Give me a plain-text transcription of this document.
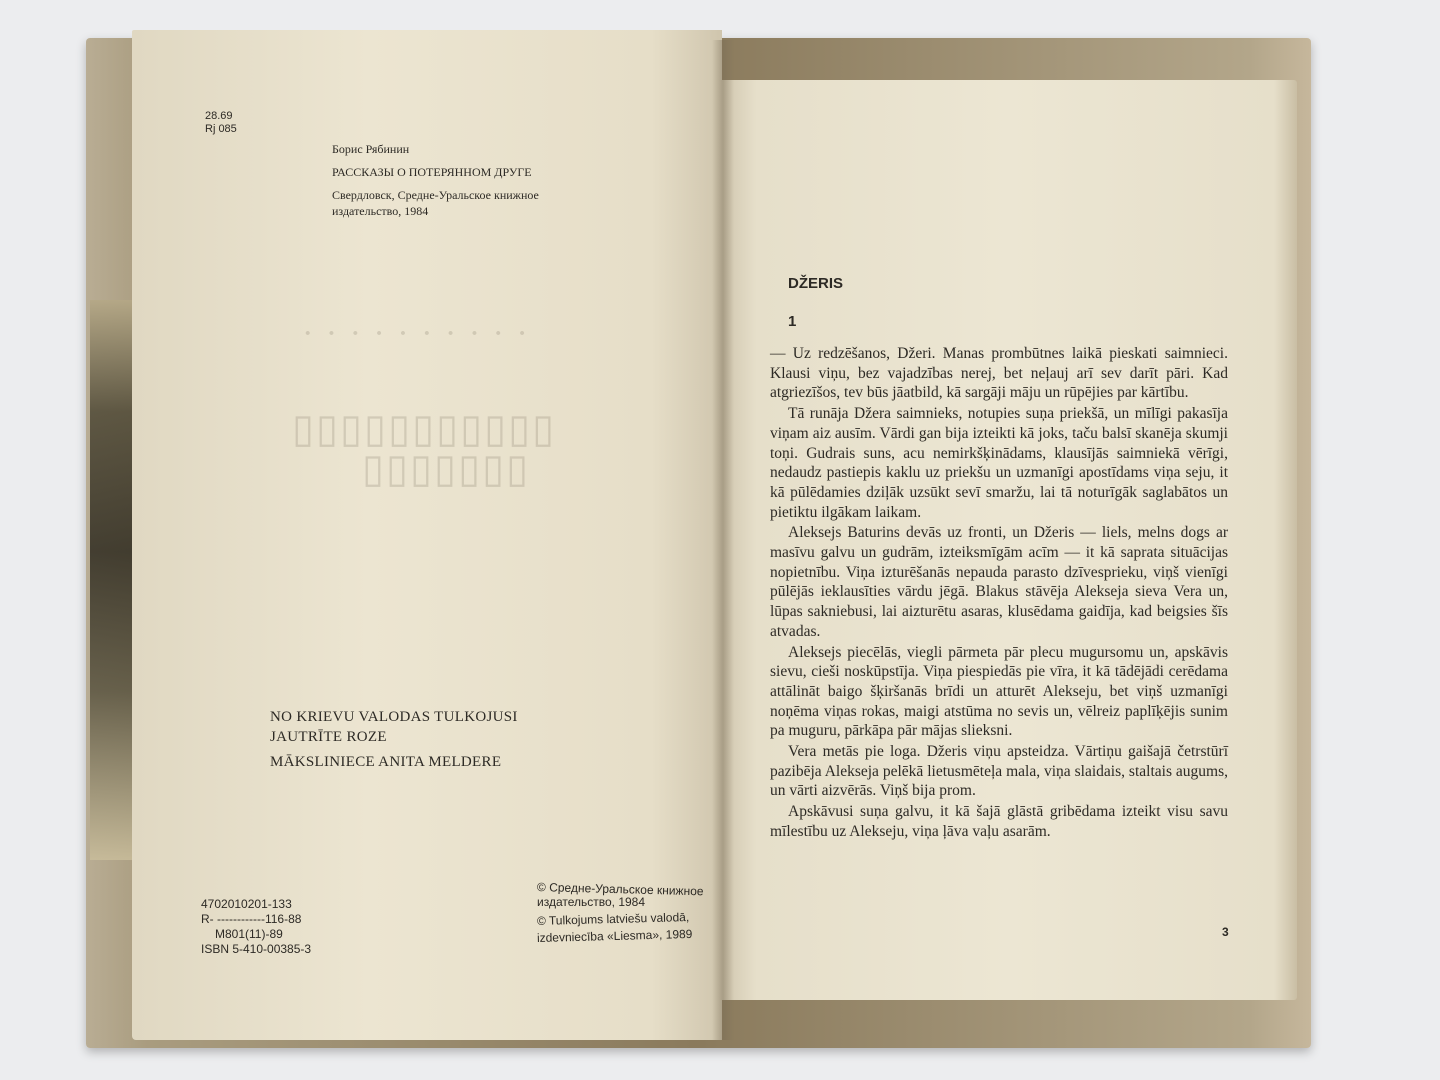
· · · · · · · · · ·
▯▯▯▯▯▯▯▯▯▯▯
▯▯▯▯▯▯▯
28.69
Rj 085
Борис Рябинин
РАССКАЗЫ О ПОТЕРЯННОМ ДРУГЕ
Свердловск, Средне-Уральское книжное
издательство, 1984
NO KRIEVU VALODAS TULKOJUSI
JAUTRĪTE ROZE
MĀKSLINIECE ANITA MELDERE
4702010201-133
R- ------------116-88
M801(11)-89
ISBN 5-410-00385-3
© Средне-Уральское книжное
издательство, 1984
© Tulkojums latviešu valodā,
izdevniecība «Liesma», 1989
DŽERIS
1

— Uz redzēšanos, Džeri. Manas prombūtnes laikā pieskati saimnieci. Klausi viņu, bez vajadzības nerej, bet neļauj arī sev darīt pāri. Kad atgriezīšos, tev būs jāatbild, kā sargāji māju un rūpējies par kārtību.

Tā runāja Džera saimnieks, notupies suņa priekšā, un mīlīgi pakasīja viņam aiz ausīm. Vārdi gan bija izteikti kā joks, taču balsī skanēja skumji toņi. Gudrais suns, acu nemirkšķinādams, klausījās saimniekā vērīgi, nedaudz pastiepis kaklu uz priekšu un uzmanīgi apostīdams viņa seju, it kā pūlēdamies dziļāk uzsūkt sevī smaržu, lai tā noturīgāk saglabātos un pietiktu ilgākam laikam.

Aleksejs Baturins devās uz fronti, un Džeris — liels, melns dogs ar masīvu galvu un gudrām, izteiksmīgām acīm — it kā saprata situācijas nopietnību. Viņa izturēšanās nepauda parasto dzīvesprieku, viņš vienīgi pūlējās ieklausīties vārdu jēgā. Blakus stāvēja Alekseja sieva Vera un, lūpas sakniebusi, lai aizturētu asaras, klusēdama gaidīja, kad beigsies šīs atvadas.

Aleksejs piecēlās, viegli pārmeta pār plecu mugursomu un, apskāvis sievu, cieši noskūpstīja. Viņa piespiedās pie vīra, it kā tādējādi cerēdama attālināt baigo šķiršanās brīdi un atturēt Alekseju, bet viņš uzmanīgi noņēma viņas rokas, maigi atstūma no sevis un, vēlreiz paplīķējis sunim pa muguru, pārkāpa pār mājas slieksni.

Vera metās pie loga. Džeris viņu apsteidza. Vārtiņu gaišajā četrstūrī pazibēja Alekseja pelēkā lietusmēteļa mala, viņa slaidais, staltais augums, un vārti aizvērās. Viņš bija prom.

Apskāvusi suņa galvu, it kā šajā glāstā gribēdama izteikt visu savu mīlestību uz Alekseju, viņa ļāva vaļu asarām.

3
